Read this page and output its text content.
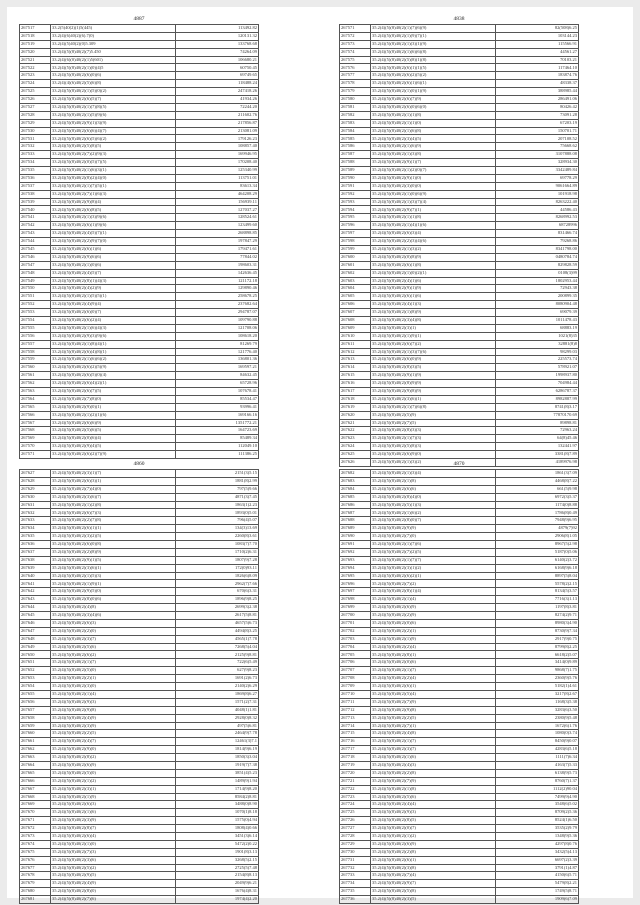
4887
267517	33.2(5)40(2)(1)5(445)	113492.82
267518	33.2(4)(6)40(2)(6).7(0)	120131.32
267519	33.2(4)(5)40(2)(0)5.309	133768.68
267520	33.2(4)(5)(8)40(2)(7)5.450	74264.09
267521	33.2(4)(6)(0)40(2)(1)5(601)	106680.21
267522	33.2(4)(5)(8)40(2)(1)(0)(4)5	60750.45
267523	33.2(4)(5)(8)40(2)(6)(0)(6)	69749.65
267524	33.2(4)(4)(6)40(2)(5)(6)(8)	118488.24
267525	33.2(4)(5)(8)40(2)(1)(5)(0)(2)	247418.26
267526	33.2(4)(5)(8)40(2)(6)(5)(7)	41934.26
267527	33.2(4)(5)(8)40(2)(1)(7)(8)(5)	72244.20
267528	33.2(4)(5)(8)40(2)(1)(5)(9)(6)	211602.76
267529	33.2(4)(5)(8)40(2)(9)(1)(3)(9)	217856.87
267530	33.2(4)(5)(8)40(2)(6)(6)(4)(7)	213081.09
267531	33.2(4)(5)(8)40(2)(6)(5)(6)(2)	179126.23
267532	33.2(4)(5)(8)40(2)(5)(8)(5)	108857.40
267533	33.2(4)(5)(8)40(2)(7)(2)(9)(3)	169946.95
267534	33.2(4)(5)(8)40(2)(0)(5)(7)(5)	170208.40
267535	33.2(4)(5)(8)40(2)(1)(6)(3)(1)	125340.99
267536	33.2(4)(5)(8)40(2)(8)(2)(4)(0)	113751.01
267537	33.2(4)(5)(8)40(2)(1)(7)(5)(1)	83613.34
267538	33.2(4)(5)(8)40(2)(7)(1)(6)(3)	464208.29
267539	33.2(4)(5)(8)40(2)(9)(8)(4)	156939.11
267540	33.2(4)(5)(8)40(2)(6)(8)(5)	127037.27
267541	33.2(4)(5)(8)40(2)(1)(3)(9)(6)	128524.61
267542	33.2(4)(5)(8)40(2)(6)(1)(9)(6)	123499.60
267543	33.2(4)(5)(8)40(2)(4)(5)(7)(1)	268898.85
267544	33.2(4)(5)(8)40(2)(2)(9)(7)(0)	197847.29
267545	33.2(4)(5)(8)40(2)(6)(1)(6)	179471.61
267546	33.2(4)(5)(8)40(2)(9)(6)(6)	77844.02
267547	33.2(4)(5)(8)40(2)(1)(0)(6)	198603.31
267548	33.2(4)(5)(8)40(2)(4)(5)(7)	142636.45
267549	33.2(4)(5)(8)40(2)(8)(1)(4)(3)	121172.18
267550	33.2(4)(5)(8)40(2)(4)(2)(9)	129890.46
267551	33.2(4)(5)(8)40(2)(1)(5)(5)(1)	258678.25
267552	33.2(4)(5)(8)40(2)(4)(9)(4)	237682.64
267553	33.2(4)(5)(8)40(2)(6)(0)(7)	294787.07
267554	33.2(4)(5)(8)40(2)(6)(2)(4)	109790.88
267555	33.2(4)(5)(8)40(2)(1)(6)(4)(3)	121708.06
267556	33.2(4)(5)(8)40(2)(9)(3)(9)(6)	108618.20
267557	33.2(4)(5)(8)40(2)(1)(8)(4)(1)	81269.79
267558	33.2(4)(5)(8)40(2)(6)(4)(8)(1)	121776.40
267559	33.2(4)(5)(8)40(2)(1)(6)(6)(2)	136801.36
267560	33.2(4)(5)(8)40(2)(6)(2)(5)(9)	169597.21
267561	33.2(4)(5)(8)40(2)(6)(5)(0)(4)	84632.45
267562	33.2(4)(5)(8)40(2)(6)(4)(2)(1)	65728.96
267563	33.2(4)(5)(8)40(2)(6)(7)(5)	107678.41
267564	33.2(4)(5)(8)40(2)(7)(8)(0)	85534.47
267565	33.2(4)(5)(8)40(2)(9)(0)(1)	93996.41
267566	33.2(4)(5)(8)40(2)(1)(2)(1)(6)	169166.16
267567	33.2(4)(5)(8)40(2)(6)(6)(9)	1351772.21
267568	33.2(4)(5)(8)40(2)(5)(6)(5)	164723.69
267569	33.2(4)(5)(8)40(2)(0)(6)(4)	85489.34
267570	33.2(4)(5)(8)40(2)(9)(4)(5)	112049.10
267571	33.2(4)(5)(8)40(2)(6)(2)(7)(9)	111386.25
4838
267571	35.2(4)(5)(8)40(2)(1)(7)(6)(9)	82(508)6.25
267572	35.2(4)(5)(8)40(2)(1)(9)(7)(1)	103144.23
267573	35.2(4)(5)(8)40(2)(1)(3)(1)(9)	115566.91
267574	35.2(4)(5)(8)40(2)(1)(6)(6)(8)	44561.27
267575	35.2(4)(5)(8)40(2)(5)(8)(1)(8)	70103.21
267576	35.2(4)(5)(8)40(2)(6)(1)(1)(5)	117464.10
267577	35.2(4)(5)(8)40(2)(6)(2)(5)(2)	183874.76
267578	35.2(4)(5)(8)40(2)(6)(1)(6)(1)	48338.37
267579	35.2(4)(5)(8)40(2)(1)(0)(1)(9)	388985.44
267580	35.2(4)(5)(8)40(2)(6)(7)(9)	286491.06
267581	35.2(4)(5)(8)40(2)(6)(0)(6)(0)	80426.42
267582	35.2(4)(5)(8)40(2)(1)(1)(8)	73091.28
267583	35.2(4)(5)(8)40(2)(1)(1)(0)	67203.19
267584	35.2(4)(5)(8)40(2)(1)(6)(8)	150701.71
267585	35.2(4)(5)(8)40(2)(3)(4)(5)	207108.52
267586	35.2(4)(5)(8)40(2)(1)(6)(9)	75668.62
267587	35.2(4)(5)(8)40(2)(1)(3)(8)	3107888.08
267588	35.2(4)(5)(8)40(2)(9)(1)(7)	328934.30
267589	35.2(4)(5)(8)40(2)(1)(2)(0)(7)	3342489.84
267590	35.2(4)(5)(8)40(2)(9)(1)(0)	69778.29
267591	35.2(4)(5)(8)40(2)(3)(0)(0)	9061664.89
267592	35.2(4)(5)(8)40(2)(1)(0)(6)(9)	101918.98
267593	35.2(4)(5)(8)40(2)(1)(3)(7)(4)	8263222.40
267594	35.2(4)(5)(8)40(2)(9)(7)(1)	44586.43
267595	35.2(4)(5)(8)40(2)(1)(1)(8)	8268992.53
267596	35.2(4)(5)(8)40(2)(1)(4)(1)(6)	68728996
267597	35.2(4)(5)(8)40(2)(6)(3)(4)	831466.74
267598	35.2(4)(5)(8)40(2)(2)(3)(4)(6)	79268.86
267599	35.2(4)(5)(8)40(2)(1)(3)(2)	8341798.00
267600	35.2(4)(5)(8)40(2)(0)(8)(9)	0480784.74
267601	35.2(4)(5)(8)40(2)(6)(1)(8)	829828.59
267602	35.2(4)(5)(8)40(2)(1)(0)(2)(1)	0108(3)99
267603	35.2(4)(5)(8)40(2)(4)(1)(6)	1802953.44
267604	35.2(4)(5)(8)40(2)(9)(1)(9)	72943.38
267605	35.2(4)(5)(8)40(2)(6)(1)(6)	200899.35
267606	35.2(4)(5)(8)40(2)(4)(1)(3)	8080904.48
267607	35.2(4)(5)(8)40(2)(1)(8)(9)	69079.39
267608	35.2(4)(5)(8)40(2)(3)(4)(8)	1011478.43
267609	35.2(4)(5)(8)40(2)(3)(1)	68883.19
267610	35.2(4)(5)(8)40(2)(1)(9)(1)	1021(8)35
267611	35.2(4)(5)(8)40(2)(6)(7)(2)	32881(8)8
267612	35.2(4)(5)(8)40(2)(1)(3)(7)(6)	98299.03
267613	35.2(4)(5)(8)40(2)(6)(0)(9)	225573.74
267614	35.2(4)(5)(8)40(2)(8)(3)(5)	578921.07
267615	35.2(4)(5)(8)40(2)(9)(1)(9)	1998937.80
267616	35.2(4)(5)(8)40(2)(8)(9)(9)	704984.44
267617	35.2(4)(5)(8)40(2)(9)(8)(9)	6286787.37
267618	35.2(4)(5)(8)40(2)(3)(6)(1)	8982887.99
267619	35.2(4)(5)(8)40(2)(1)(7)(6)(8)	8741(8)3.17
267620	35.2(4)(5)(8)40(2)(5)(9)	77870170.69
267621	35.2(4)(5)(8)40(2)(7)(5)	89898.81
267622	35.2(4)(5)(8)40(2)(8)(3)(3)	72963.24
267623	35.2(4)(5)(8)40(2)(1)(7)(3)	64(8)45.46
267624	35.2(4)(5)(8)40(2)(5)(8)(3)	132441.97
267625	35.2(4)(5)(8)40(2)(6)(9)(0)	3381(8)7.89
267626	35.2(4)(5)(8)40(2)(1)(3)(2)	4189976.98
4860
267627	35.2(4)(5)(8)40(2)(3)(1)(7)	2151(3)5.15
267628	35.2(4)(5)(8)40(2)(6)(3)(1)	1881(8)2.99
267629	35.2(4)(5)(8)40(2)(7)(4)(0)	797(5)9.66
267630	35.2(4)(5)(8)40(2)(3)(6)(7)	4871(3)7.45
267631	35.2(4)(5)(8)40(2)(1)(2)(8)	1863(1)2.23
267632	35.2(4)(5)(8)40(2)(6)(7)(3)	1893(0)5.01
267633	35.2(4)(5)(8)40(2)(2)(7)(8)	796(4)5.07
267634	35.2(4)(5)(8)40(2)(6)(1)(1)	134(3)13.69
267635	35.2(4)(5)(8)40(2)(3)(2)(5)	2260(8)3.61
267636	35.2(4)(5)(8)40(2)(6)(0)(8)	1083(7)7.70
267637	35.2(4)(5)(8)40(2)(2)(8)(9)	1710(2)6.31
267638	35.2(4)(5)(8)40(2)(9)(1)(5)	1807(9)7.28
267639	35.2(4)(5)(8)40(2)(3)(6)(1)	172(0)93.11
267640	35.2(4)(5)(8)40(2)(1)(5)(3)	1826(6)8.09
267641	35.2(4)(5)(8)40(2)(1)(9)(1)	2962(7)7.66
267642	35.2(4)(5)(8)40(2)(9)(5)(0)	670(6)3.31
267643	35.2(4)(5)(8)40(2)(8)(0)(6)	1896(9)8.25
267644	35.2(4)(5)(8)40(2)(4)(8)	2699(3)2.38
267645	35.2(4)(5)(8)40(2)(3)(4)(6)	2617(5)8.81
267646	35.2(4)(5)(8)40(2)(6)(3)	4657(5)6.73
267647	35.2(4)(5)(8)40(2)(2)(0)	4494(8)3.25
267648	35.2(4)(5)(8)40(2)(3)(7)	4565(1)7.78
267649	35.2(4)(5)(8)40(2)(5)(6)	7268(5)4.04
267650	35.2(4)(5)(8)40(2)(6)(2)	2125(9)8.81
267651	35.2(4)(5)(8)40(2)(1)(7)	722(6)5.49
267652	35.2(4)(5)(8)40(2)(5)(0)	627(9)8.23
267653	35.2(4)(5)(8)40(2)(2)(1)	1691(2)6.73
267654	35.2(4)(5)(8)40(2)(3)(0)	2140(2)6.29
267655	35.2(4)(5)(8)40(2)(1)(4)	1869(8)6.27
267656	35.2(4)(5)(8)40(2)(9)(3)	1571(2)7.31
267657	35.2(4)(5)(8)40(2)(9)(8)	4048(1)1.81
267658	35.2(4)(5)(8)40(2)(4)(9)	2928(0)8.32
267659	35.2(4)(5)(8)40(2)(3)(9)	497(5)6.81
267660	35.2(4)(5)(8)40(2)(2)(5)	2464(9)7.78
267661	35.2(4)(5)(8)40(2)(4)(7)	12461(3)7.1
267662	35.2(4)(5)(8)40(2)(9)(0)	1814(9)6.19
267663	35.2(4)(5)(8)40(2)(8)(2)	1850(3)3.04
267664	35.2(4)(5)(8)40(2)(6)(9)	1919(7)7.38
267665	35.2(4)(5)(8)40(2)(5)(0)	3851(4)5.23
267666	35.2(4)(5)(8)40(2)(1)(2)	1489(9)1.94
267667	35.2(4)(5)(8)40(2)(3)(1)	1714(9)8.20
267668	35.2(4)(5)(8)40(2)(1)(9)	8584(2)8.81
267669	35.2(4)(5)(8)40(2)(6)(3)	3488(0)8.90
267670	35.2(4)(5)(8)40(2)(1)(6)	1070(1)8.18
267671	35.2(4)(5)(8)40(2)(3)(9)	1575(0)4.94
267672	35.2(4)(5)(8)40(2)(8)(7)	1808(4)0.66
267673	35.2(4)(5)(8)40(2)(6)(4)	3451(3)6.14
267674	35.2(4)(5)(8)40(2)(1)(0)	5472(2)0.22
267675	35.2(4)(5)(8)40(2)(7)(3)	1901(8)3.13
267676	35.2(4)(5)(8)40(2)(3)(6)	3268(5)2.15
267677	35.2(4)(5)(8)40(2)(5)(2)	2725(5)7.48
267678	35.2(4)(5)(8)40(2)(9)(5)	2154(8)8.13
267679	35.2(4)(5)(8)40(2)(4)(9)	2049(9)6.21
267680	35.2(4)(5)(8)40(2)(8)(0)	1676(4)8.31
267681	35.2(4)(5)(8)40(2)(7)(6)	1974(4)2.20
4870
267682	35.2(4)(5)(8)40(2)(1)(3)(4)	1861(3)7.09
267683	35.2(4)(5)(8)40(2)(1)(8)	4468(8)7.22
267684	35.2(4)(5)(8)40(2)(6)(6)	661(5)9.98
267685	35.2(4)(5)(8)40(2)(8)(4)(0)	6972(3)5.37
267686	35.2(4)(5)(8)40(2)(5)(1)(3)	1174(0)8.88
267687	35.2(4)(5)(8)40(2)(1)(6)(2)	1786(8)0.49
267688	35.2(4)(5)(8)40(2)(8)(0)(7)	7948(9)6.95
267689	35.2(4)(5)(8)40(2)(9)(9)	4879(7)92
267690	35.2(4)(5)(8)40(2)(7)(0)	2906(8)1.05
267691	35.2(4)(5)(8)40(2)(1)(7)(6)	8967(5)2.98
267692	35.2(4)(5)(8)40(2)(7)(2)(5)	5187(0)5.06
267693	35.2(4)(5)(8)40(2)(1)(7)(7)	6140(2)3.72
267694	35.2(4)(5)(8)40(2)(3)(1)(2)	6168(9)6.18
267695	35.2(4)(5)(8)40(2)(6)(2)(1)	8897(5)8.04
267696	35.2(4)(5)(8)40(2)(7)(2)	5578(2)2.15
267697	35.2(4)(5)(8)40(2)(8)(1)(4)	8134(5)3.57
267698	35.2(4)(5)(8)40(2)(1)(4)	7716(3)1.13
267699	35.2(4)(5)(8)40(2)(6)(9)	1197(8)3.81
267700	35.2(4)(5)(8)40(2)(2)(9)	8274(2)9.71
267701	35.2(4)(5)(8)40(2)(0)(6)	8980(3)4.90
267702	35.2(4)(5)(8)40(2)(2)(1)	8730(9)7.34
267703	35.2(4)(5)(8)40(2)(1)(9)	2917(9)0.75
267704	35.2(4)(5)(8)40(2)(2)(4)	8799(8)2.25
267705	35.2(4)(5)(8)40(2)(8)(1)	6618(2)5.07
267706	35.2(4)(5)(8)40(2)(0)(6)	3414(0)9.89
267707	35.2(4)(5)(8)40(2)(1)(7)	9868(7)1.75
267708	35.2(4)(5)(8)40(2)(2)(4)	2360(9)5.76
267709	35.2(4)(5)(8)40(2)(6)(1)	5182(1)4.61
267710	35.2(4)(5)(8)40(2)(5)(4)	3217(8)2.67
267711	35.2(4)(5)(8)40(2)(7)(9)	1168(3)5.38
267712	35.2(4)(5)(8)40(2)(9)(8)	3283(6)3.50
267713	35.2(4)(5)(8)40(2)(2)(5)	2380(9)5.48
267714	35.2(4)(5)(8)40(2)(7)(1)	1672(6)1.76
267715	35.2(4)(5)(8)40(2)(4)(8)	1080(0)3.74
267716	35.2(4)(5)(8)40(2)(1)(7)	8450(9)0.07
267717	35.2(4)(5)(8)40(2)(3)(7)	4283(6)5.18
267718	35.2(4)(5)(8)40(2)(1)(6)	1111(7)6.34
267719	35.2(4)(5)(8)40(2)(4)(3)	4163(7)5.33
267720	35.2(4)(5)(8)40(2)(2)(8)	6138(9)5.73
267721	35.2(4)(5)(8)40(2)(7)(9)	8760(7)1.37
267722	35.2(4)(5)(8)40(2)(1)(8)	1112(2)90.04
267723	35.2(4)(5)(8)40(2)(5)(6)	7499(9)4.90
267724	35.2(4)(5)(8)40(2)(4)(4)	3548(6)5.02
267725	35.2(4)(5)(8)40(2)(9)(3)	8709(2)5.36
267726	35.2(4)(5)(8)40(2)(8)(5)	8524(1)6.50
267727	35.2(4)(5)(8)40(2)(0)(7)	3535(2)9.79
267728	35.2(4)(5)(8)40(2)(1)(2)	1348(9)5.36
267729	35.2(4)(5)(8)40(2)(6)(9)	4297(8)0.76
267730	35.2(4)(5)(8)40(2)(2)(8)	3432(5)4.13
267731	35.2(4)(5)(8)40(2)(6)(1)	6697(2)3.39
267732	35.2(4)(5)(8)40(2)(3)(8)	3791(1)4.87
267733	35.2(4)(5)(8)40(2)(7)(4)	4150(6)5.71
267734	35.2(4)(5)(8)40(2)(9)(7)	5479(8)2.21
267735	35.2(4)(5)(8)40(2)(5)(8)	1749(5)8.71
267736	35.2(4)(5)(8)40(2)(3)(5)	1909(6)7.09
